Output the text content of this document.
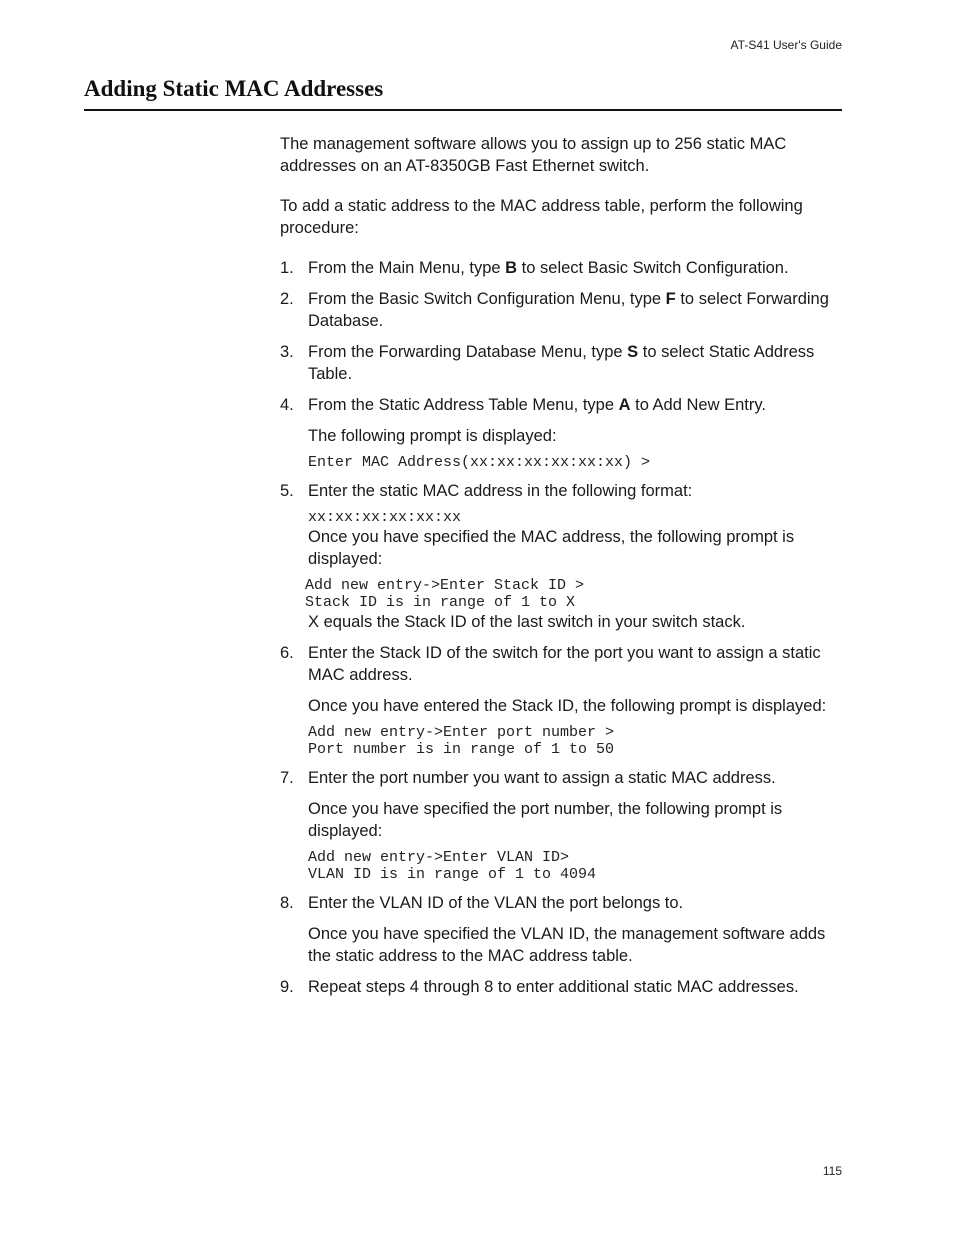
AT-S41 User's Guide
Adding Static MAC Addresses

The management software allows you to assign up to 256 static MAC addresses on an AT-8350GB Fast Ethernet switch.

To add a static address to the MAC address table, perform the following procedure:

1. From the Main Menu, type B to select Basic Switch Configuration.

2. From the Basic Switch Configuration Menu, type F to select Forwarding Database.

3. From the Forwarding Database Menu, type S to select Static Address Table.

4. From the Static Address Table Menu, type A to Add New Entry.

The following prompt is displayed:

Enter MAC Address(xx:xx:xx:xx:xx:xx) >
5. Enter the static MAC address in the following format:

xx:xx:xx:xx:xx:xx

Once you have specified the MAC address, the following prompt is displayed:

Add new entry->Enter Stack ID >
Stack ID is in range of 1 to X

X equals the Stack ID of the last switch in your switch stack.

6. Enter the Stack ID of the switch for the port you want to assign a static MAC address.

Once you have entered the Stack ID, the following prompt is displayed:

Add new entry->Enter port number >
Port number is in range of 1 to 50
7. Enter the port number you want to assign a static MAC address.

Once you have specified the port number, the following prompt is displayed:

Add new entry->Enter VLAN ID>
VLAN ID is in range of 1 to 4094
8. Enter the VLAN ID of the VLAN the port belongs to.

Once you have specified the VLAN ID, the management software adds the static address to the MAC address table.

9. Repeat steps 4 through 8 to enter additional static MAC addresses.

115
